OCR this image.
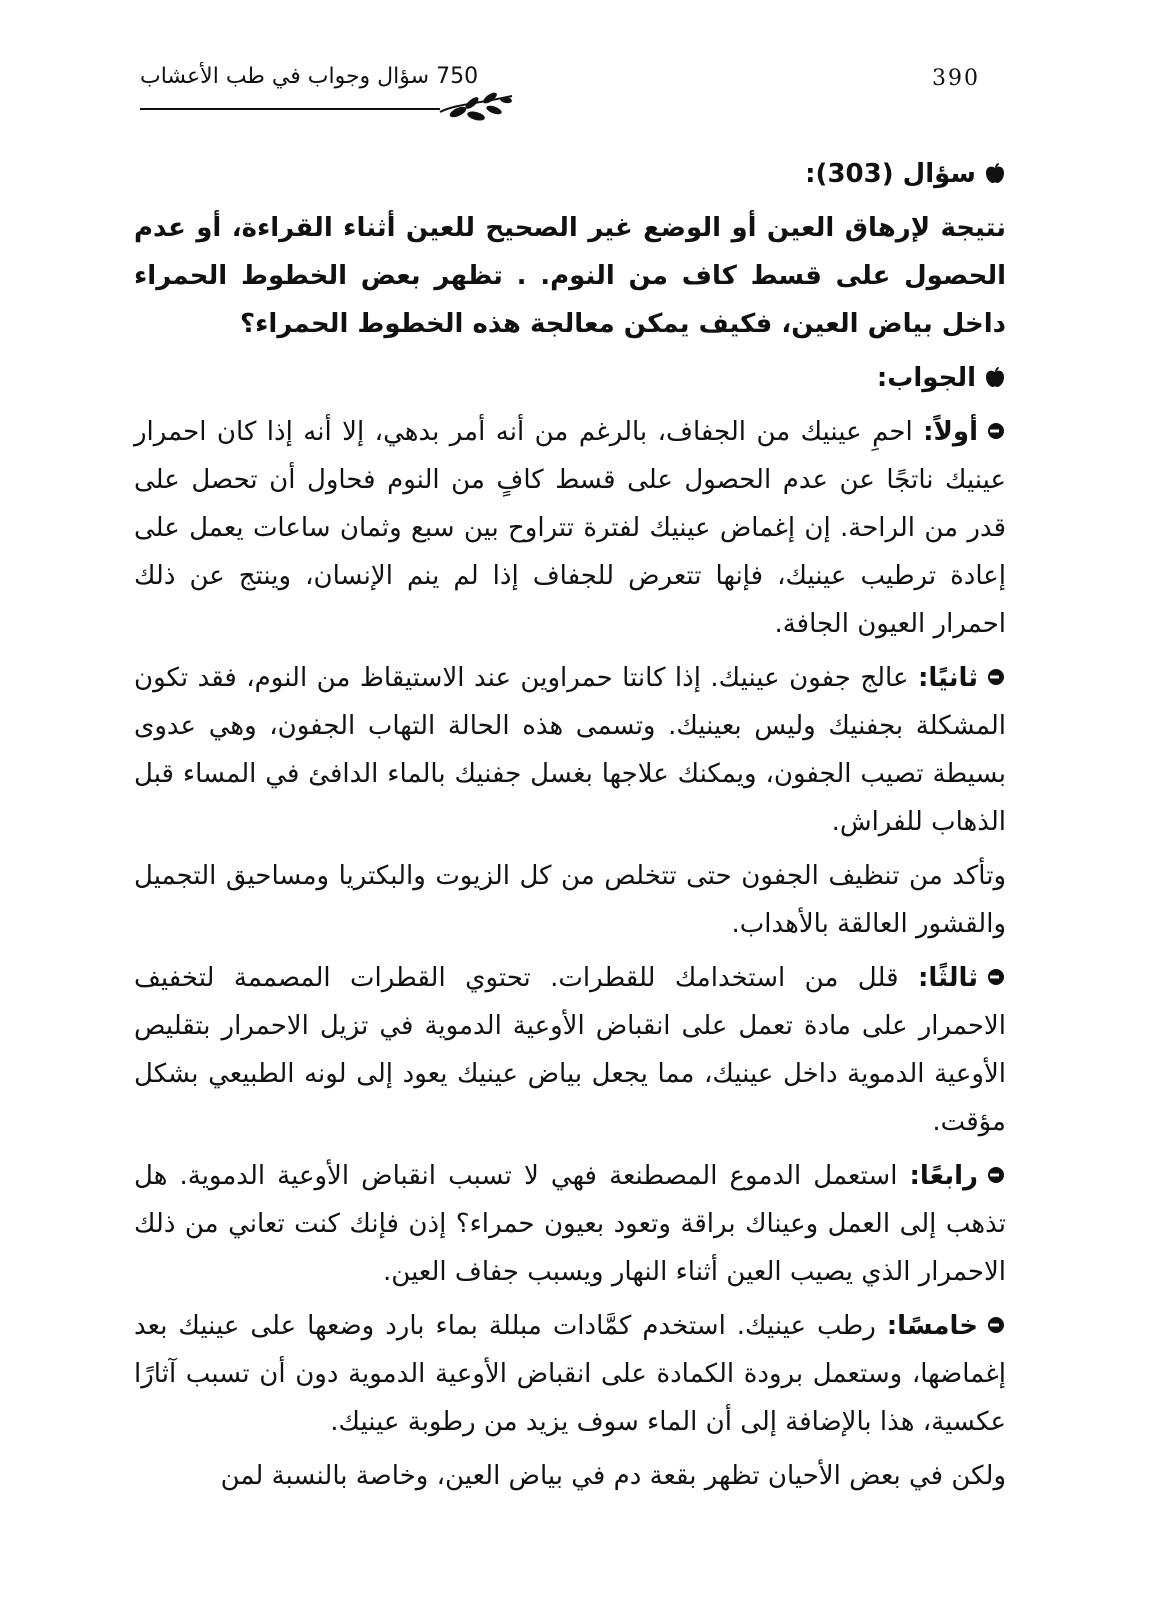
390
750 سؤال وجواب في طب الأعشاب

سؤال (303):

نتيجة لإرهاق العين أو الوضع غير الصحيح للعين أثناء القراءة، أو عدم الحصول على قسط كاف من النوم. . تظهر بعض الخطوط الحمراء داخل بياض العين، فكيف يمكن معالجة هذه الخطوط الحمراء؟

الجواب:

أولاً: احمِ عينيك من الجفاف، بالرغم من أنه أمر بدهي، إلا أنه إذا كان احمرار عينيك ناتجًا عن عدم الحصول على قسط كافٍ من النوم فحاول أن تحصل على قدر من الراحة. إن إغماض عينيك لفترة تتراوح بين سبع وثمان ساعات يعمل على إعادة ترطيب عينيك، فإنها تتعرض للجفاف إذا لم ينم الإنسان، وينتج عن ذلك احمرار العيون الجافة.

ثانيًا: عالج جفون عينيك. إذا كانتا حمراوين عند الاستيقاظ من النوم، فقد تكون المشكلة بجفنيك وليس بعينيك. وتسمى هذه الحالة التهاب الجفون، وهي عدوى بسيطة تصيب الجفون، ويمكنك علاجها بغسل جفنيك بالماء الدافئ في المساء قبل الذهاب للفراش.

وتأكد من تنظيف الجفون حتى تتخلص من كل الزيوت والبكتريا ومساحيق التجميل والقشور العالقة بالأهداب.

ثالثًا: قلل من استخدامك للقطرات. تحتوي القطرات المصممة لتخفيف الاحمرار على مادة تعمل على انقباض الأوعية الدموية في تزيل الاحمرار بتقليص الأوعية الدموية داخل عينيك، مما يجعل بياض عينيك يعود إلى لونه الطبيعي بشكل مؤقت.

رابعًا: استعمل الدموع المصطنعة فهي لا تسبب انقباض الأوعية الدموية. هل تذهب إلى العمل وعيناك براقة وتعود بعيون حمراء؟ إذن فإنك كنت تعاني من ذلك الاحمرار الذي يصيب العين أثناء النهار ويسبب جفاف العين.

خامسًا: رطب عينيك. استخدم كمَّادات مبللة بماء بارد وضعها على عينيك بعد إغماضها، وستعمل برودة الكمادة على انقباض الأوعية الدموية دون أن تسبب آثارًا عكسية، هذا بالإضافة إلى أن الماء سوف يزيد من رطوبة عينيك.

ولكن في بعض الأحيان تظهر بقعة دم في بياض العين، وخاصة بالنسبة لمن
